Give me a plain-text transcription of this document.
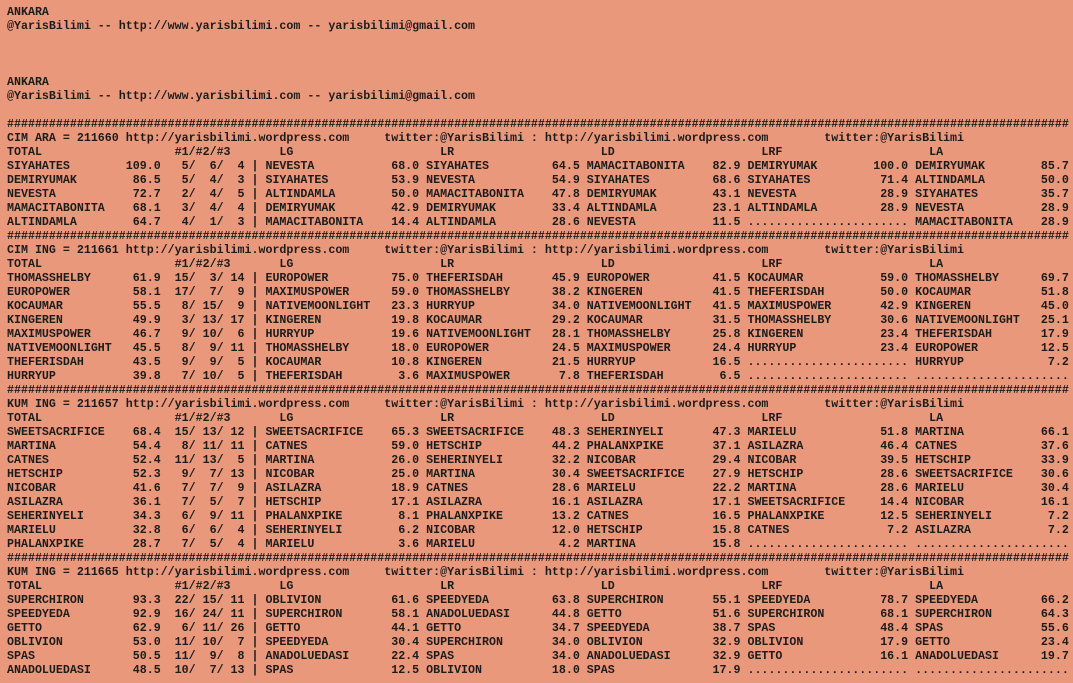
ANKARA
@YarisBilimi -- http://www.yarisbilimi.com -- yarisbilimi@gmail.com
ANKARA
@YarisBilimi -- http://www.yarisbilimi.com -- yarisbilimi@gmail.com
########################################################################################################################################################
CIM ARA = 211660 http://yarisbilimi.wordpress.com     twitter:@YarisBilimi : http://yarisbilimi.wordpress.com        twitter:@YarisBilimi
TOTAL                   #1/#2/#3       LG                     LR                     LD                     LRF                     LA
SIYAHATES        109.0   5/  6/  4 | NEVESTA           68.0 SIYAHATES         64.5 MAMACITABONITA    82.9 DEMIRYUMAK        100.0 DEMIRYUMAK        85.7
DEMIRYUMAK        86.5   5/  4/  3 | SIYAHATES         53.9 NEVESTA           54.9 SIYAHATES         68.6 SIYAHATES          71.4 ALTINDAMLA        50.0
NEVESTA           72.7   2/  4/  5 | ALTINDAMLA        50.0 MAMACITABONITA    47.8 DEMIRYUMAK        43.1 NEVESTA            28.9 SIYAHATES         35.7
MAMACITABONITA    68.1   3/  4/  4 | DEMIRYUMAK        42.9 DEMIRYUMAK        33.4 ALTINDAMLA        23.1 ALTINDAMLA         28.9 NEVESTA           28.9
ALTINDAMLA        64.7   4/  1/  3 | MAMACITABONITA    14.4 ALTINDAMLA        28.6 NEVESTA           11.5 ....................... MAMACITABONITA    28.9
########################################################################################################################################################
CIM ING = 211661 http://yarisbilimi.wordpress.com     twitter:@YarisBilimi : http://yarisbilimi.wordpress.com        twitter:@YarisBilimi
TOTAL                   #1/#2/#3       LG                     LR                     LD                     LRF                     LA
THOMASSHELBY      61.9  15/  3/ 14 | EUROPOWER         75.0 THEFERISDAH       45.9 EUROPOWER         41.5 KOCAUMAR           59.0 THOMASSHELBY      69.7
EUROPOWER         58.1  17/  7/  9 | MAXIMUSPOWER      59.0 THOMASSHELBY      38.2 KINGEREN          41.5 THEFERISDAH        50.0 KOCAUMAR          51.8
KOCAUMAR          55.5   8/ 15/  9 | NATIVEMOONLIGHT   23.3 HURRYUP           34.0 NATIVEMOONLIGHT   41.5 MAXIMUSPOWER       42.9 KINGEREN          45.0
KINGEREN          49.9   3/ 13/ 17 | KINGEREN          19.8 KOCAUMAR          29.2 KOCAUMAR          31.5 THOMASSHELBY       30.6 NATIVEMOONLIGHT   25.1
MAXIMUSPOWER      46.7   9/ 10/  6 | HURRYUP           19.6 NATIVEMOONLIGHT   28.1 THOMASSHELBY      25.8 KINGEREN           23.4 THEFERISDAH       17.9
NATIVEMOONLIGHT   45.5   8/  9/ 11 | THOMASSHELBY      18.0 EUROPOWER         24.5 MAXIMUSPOWER      24.4 HURRYUP            23.4 EUROPOWER         12.5
THEFERISDAH       43.5   9/  9/  5 | KOCAUMAR          10.8 KINGEREN          21.5 HURRYUP           16.5 ....................... HURRYUP            7.2
HURRYUP           39.8   7/ 10/  5 | THEFERISDAH        3.6 MAXIMUSPOWER       7.8 THEFERISDAH        6.5 ....................... ......................
########################################################################################################################################################
KUM ING = 211657 http://yarisbilimi.wordpress.com     twitter:@YarisBilimi : http://yarisbilimi.wordpress.com        twitter:@YarisBilimi
TOTAL                   #1/#2/#3       LG                     LR                     LD                     LRF                     LA
SWEETSACRIFICE    68.4  15/ 13/ 12 | SWEETSACRIFICE    65.3 SWEETSACRIFICE    48.3 SEHERINYELI       47.3 MARIELU            51.8 MARTINA           66.1
MARTINA           54.4   8/ 11/ 11 | CATNES            59.0 HETSCHIP          44.2 PHALANXPIKE       37.1 ASILAZRA           46.4 CATNES            37.6
CATNES            52.4  11/ 13/  5 | MARTINA           26.0 SEHERINYELI       32.2 NICOBAR           29.4 NICOBAR            39.5 HETSCHIP          33.9
HETSCHIP          52.3   9/  7/ 13 | NICOBAR           25.0 MARTINA           30.4 SWEETSACRIFICE    27.9 HETSCHIP           28.6 SWEETSACRIFICE    30.6
NICOBAR           41.6   7/  7/  9 | ASILAZRA          18.9 CATNES            28.6 MARIELU           22.2 MARTINA            28.6 MARIELU           30.4
ASILAZRA          36.1   7/  5/  7 | HETSCHIP          17.1 ASILAZRA          16.1 ASILAZRA          17.1 SWEETSACRIFICE     14.4 NICOBAR           16.1
SEHERINYELI       34.3   6/  9/ 11 | PHALANXPIKE        8.1 PHALANXPIKE       13.2 CATNES            16.5 PHALANXPIKE        12.5 SEHERINYELI        7.2
MARIELU           32.8   6/  6/  4 | SEHERINYELI        6.2 NICOBAR           12.0 HETSCHIP          15.8 CATNES              7.2 ASILAZRA           7.2
PHALANXPIKE       28.7   7/  5/  4 | MARIELU            3.6 MARIELU            4.2 MARTINA           15.8 ....................... ......................
########################################################################################################################################################
KUM ING = 211665 http://yarisbilimi.wordpress.com     twitter:@YarisBilimi : http://yarisbilimi.wordpress.com        twitter:@YarisBilimi
TOTAL                   #1/#2/#3       LG                     LR                     LD                     LRF                     LA
SUPERCHIRON       93.3  22/ 15/ 11 | OBLIVION          61.6 SPEEDYEDA         63.8 SUPERCHIRON       55.1 SPEEDYEDA          78.7 SPEEDYEDA         66.2
SPEEDYEDA         92.9  16/ 24/ 11 | SUPERCHIRON       58.1 ANADOLUEDASI      44.8 GETTO             51.6 SUPERCHIRON        68.1 SUPERCHIRON       64.3
GETTO             62.9   6/ 11/ 26 | GETTO             44.1 GETTO             34.7 SPEEDYEDA         38.7 SPAS               48.4 SPAS              55.6
OBLIVION          53.0  11/ 10/  7 | SPEEDYEDA         30.4 SUPERCHIRON       34.0 OBLIVION          32.9 OBLIVION           17.9 GETTO             23.4
SPAS              50.5  11/  9/  8 | ANADOLUEDASI      22.4 SPAS              34.0 ANADOLUEDASI      32.9 GETTO              16.1 ANADOLUEDASI      19.7
ANADOLUEDASI      48.5  10/  7/ 13 | SPAS              12.5 OBLIVION          18.0 SPAS              17.9 ....................... ......................
